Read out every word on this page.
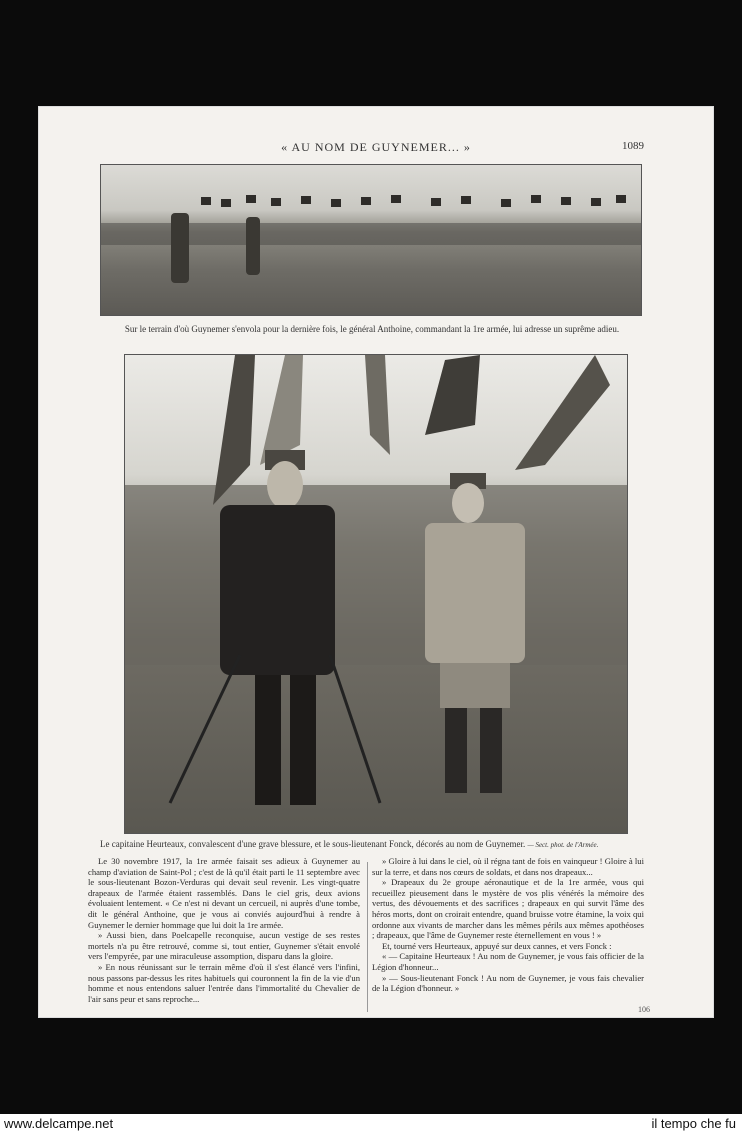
« AU NOM DE GUYNEMER... »	1089
Sur le terrain d'où Guynemer s'envola pour la dernière fois, le général Anthoine, commandant la 1re armée, lui adresse un suprême adieu.
Le capitaine Heurteaux, convalescent d'une grave blessure, et le sous-lieutenant Fonck, décorés au nom de Guynemer. — Sect. phot. de l'Armée.

Le 30 novembre 1917, la 1re armée faisait ses adieux à Guynemer au champ d'aviation de Saint-Pol ; c'est de là qu'il était parti le 11 septembre avec le sous-lieutenant Bozon-Verduras qui devait seul revenir. Les vingt-quatre drapeaux de l'armée étaient rassemblés. Dans le ciel gris, deux avions évoluaient lentement. « Ce n'est ni devant un cercueil, ni auprès d'une tombe, dit le général Anthoine, que je vous ai conviés aujourd'hui à rendre à Guynemer le dernier hommage que lui doit la 1re armée.

» Aussi bien, dans Poelcapelle reconquise, aucun vestige de ses restes mortels n'a pu être retrouvé, comme si, tout entier, Guynemer s'était envolé vers l'empyrée, par une miraculeuse assomption, disparu dans la gloire.

» En nous réunissant sur le terrain même d'où il s'est élancé vers l'infini, nous passons par-dessus les rites habituels qui couronnent la fin de la vie d'un homme et nous entendons saluer l'entrée dans l'immortalité du Chevalier de l'air sans peur et sans reproche...

» Gloire à lui dans le ciel, où il régna tant de fois en vainqueur ! Gloire à lui sur la terre, et dans nos cœurs de soldats, et dans nos drapeaux...

» Drapeaux du 2e groupe aéronautique et de la 1re armée, vous qui recueillez pieusement dans le mystère de vos plis vénérés la mémoire des vertus, des dévouements et des sacrifices ; drapeaux en qui survit l'âme des héros morts, dont on croirait entendre, quand bruisse votre étamine, la voix qui ordonne aux vivants de marcher dans les mêmes périls aux mêmes apothéoses ; drapeaux, que l'âme de Guynemer reste éternellement en vous ! »

Et, tourné vers Heurteaux, appuyé sur deux cannes, et vers Fonck :

« — Capitaine Heurteaux ! Au nom de Guynemer, je vous fais officier de la Légion d'honneur...

» — Sous-lieutenant Fonck ! Au nom de Guynemer, je vous fais chevalier de la Légion d'honneur. »

106
www.delcampe.net	il tempo che fu
